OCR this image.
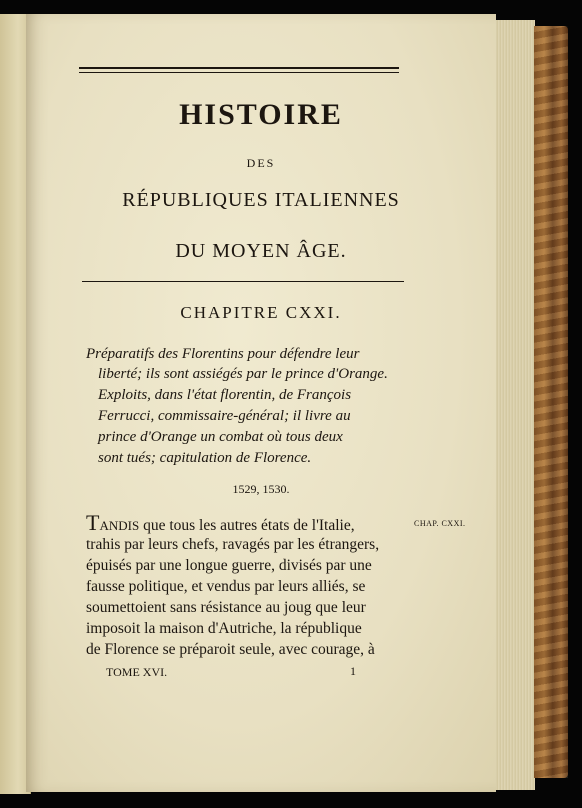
HISTOIRE
DES
RÉPUBLIQUES ITALIENNES
DU MOYEN ÂGE.
CHAPITRE CXXI.
Préparatifs des Florentins pour défendre leur
liberté; ils sont assiégés par le prince d'Orange.
Exploits, dans l'état florentin, de François
Ferrucci, commissaire-général; il livre au
prince d'Orange un combat où tous deux
sont tués; capitulation de Florence.
1529, 1530.
TANDIS que tous les autres états de l'Italie,	CHAP. CXXI.
trahis par leurs chefs, ravagés par les étrangers,
épuisés par une longue guerre, divisés par une
fausse politique, et vendus par leurs alliés, se
soumettoient sans résistance au joug que leur
imposoit la maison d'Autriche, la république
de Florence se préparoit seule, avec courage, à
TOME XVI.	1
